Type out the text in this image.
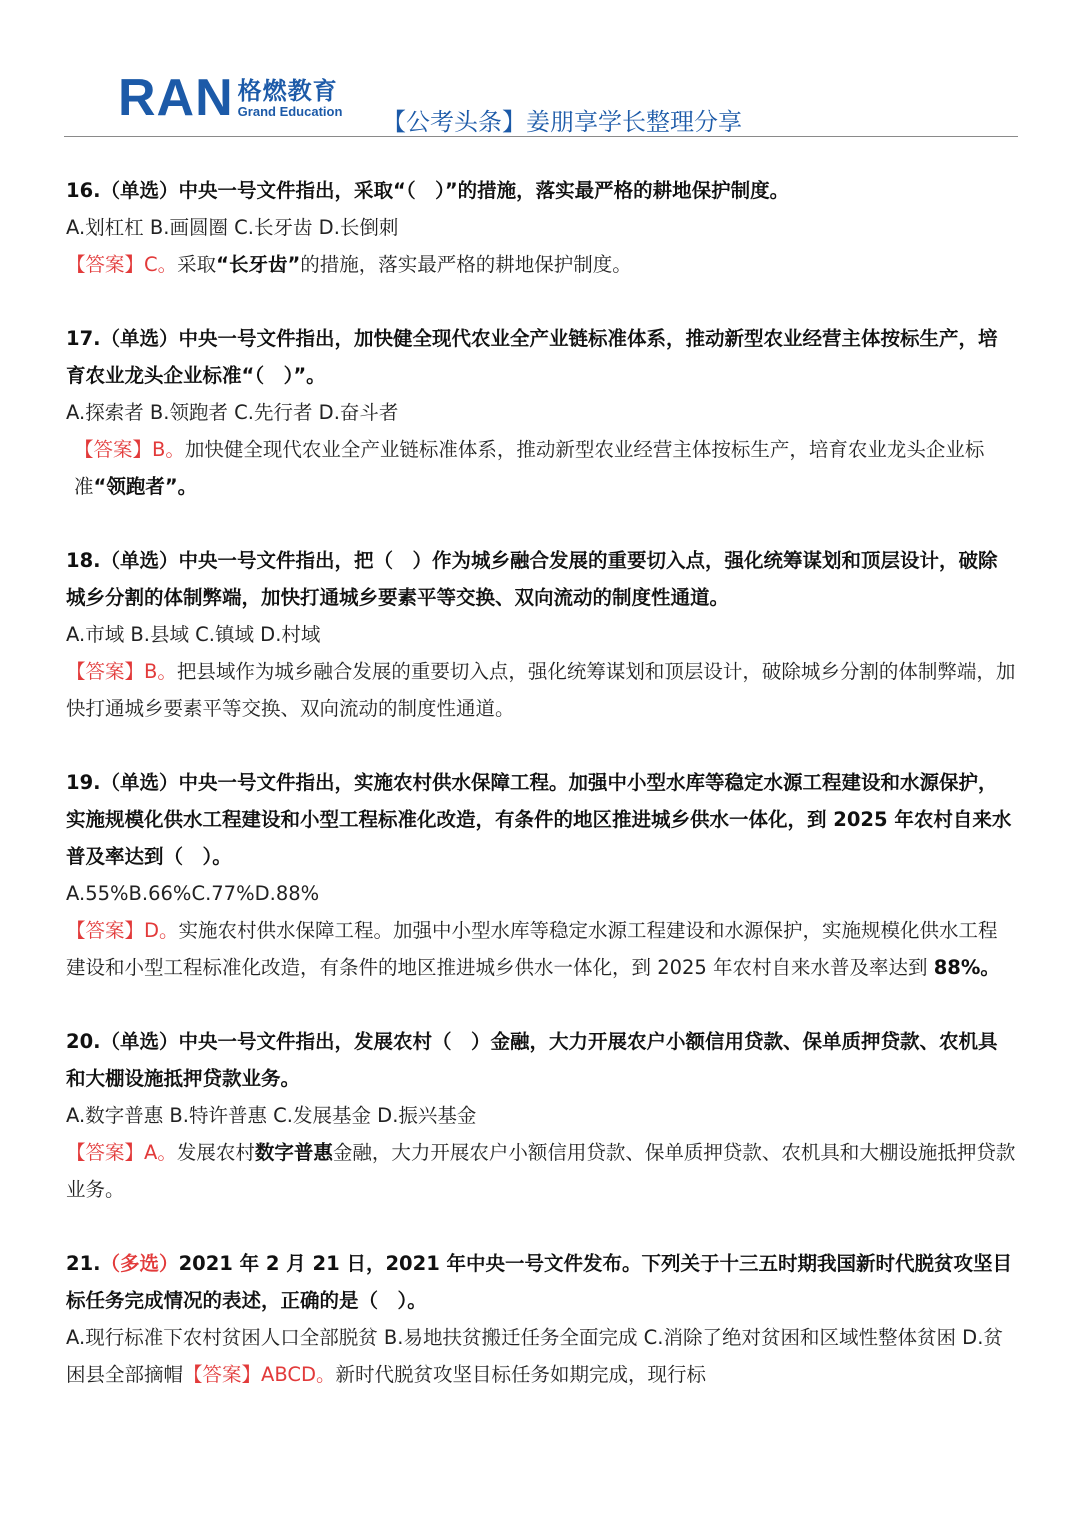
RAN 格燃教育
Grand Education 【公考头条】姜朋享学长整理分享
16.（单选）中央一号文件指出，采取“（　）”的措施，落实最严格的耕地保护制度。
A.划杠杠 B.画圆圈 C.长牙齿 D.长倒刺
【答案】C。采取“长牙齿”的措施，落实最严格的耕地保护制度。
17.（单选）中央一号文件指出，加快健全现代农业全产业链标准体系，推动新型农业经营主体按标生产，培育农业龙头企业标准“（　）”。
A.探索者 B.领跑者 C.先行者 D.奋斗者
【答案】B。加快健全现代农业全产业链标准体系，推动新型农业经营主体按标生产，培育农业龙头企业标准“领跑者”。
18.（单选）中央一号文件指出，把（　）作为城乡融合发展的重要切入点，强化统筹谋划和顶层设计，破除城乡分割的体制弊端，加快打通城乡要素平等交换、双向流动的制度性通道。
A.市域 B.县域 C.镇域 D.村域
【答案】B。把县域作为城乡融合发展的重要切入点，强化统筹谋划和顶层设计，破除城乡分割的体制弊端，加快打通城乡要素平等交换、双向流动的制度性通道。
19.（单选）中央一号文件指出，实施农村供水保障工程。加强中小型水库等稳定水源工程建设和水源保护，实施规模化供水工程建设和小型工程标准化改造，有条件的地区推进城乡供水一体化，到 2025 年农村自来水普及率达到（　）。
A.55%B.66%C.77%D.88%
【答案】D。实施农村供水保障工程。加强中小型水库等稳定水源工程建设和水源保护，实施规模化供水工程建设和小型工程标准化改造，有条件的地区推进城乡供水一体化，到 2025 年农村自来水普及率达到 88%。
20.（单选）中央一号文件指出，发展农村（　）金融，大力开展农户小额信用贷款、保单质押贷款、农机具和大棚设施抵押贷款业务。
A.数字普惠 B.特许普惠 C.发展基金 D.振兴基金
【答案】A。发展农村数字普惠金融，大力开展农户小额信用贷款、保单质押贷款、农机具和大棚设施抵押贷款业务。
21.（多选）2021 年 2 月 21 日，2021 年中央一号文件发布。下列关于十三五时期我国新时代脱贫攻坚目标任务完成情况的表述，正确的是（　）。
A.现行标准下农村贫困人口全部脱贫 B.易地扶贫搬迁任务全面完成 C.消除了绝对贫困和区域性整体贫困 D.贫困县全部摘帽【答案】ABCD。新时代脱贫攻坚目标任务如期完成，现行标
